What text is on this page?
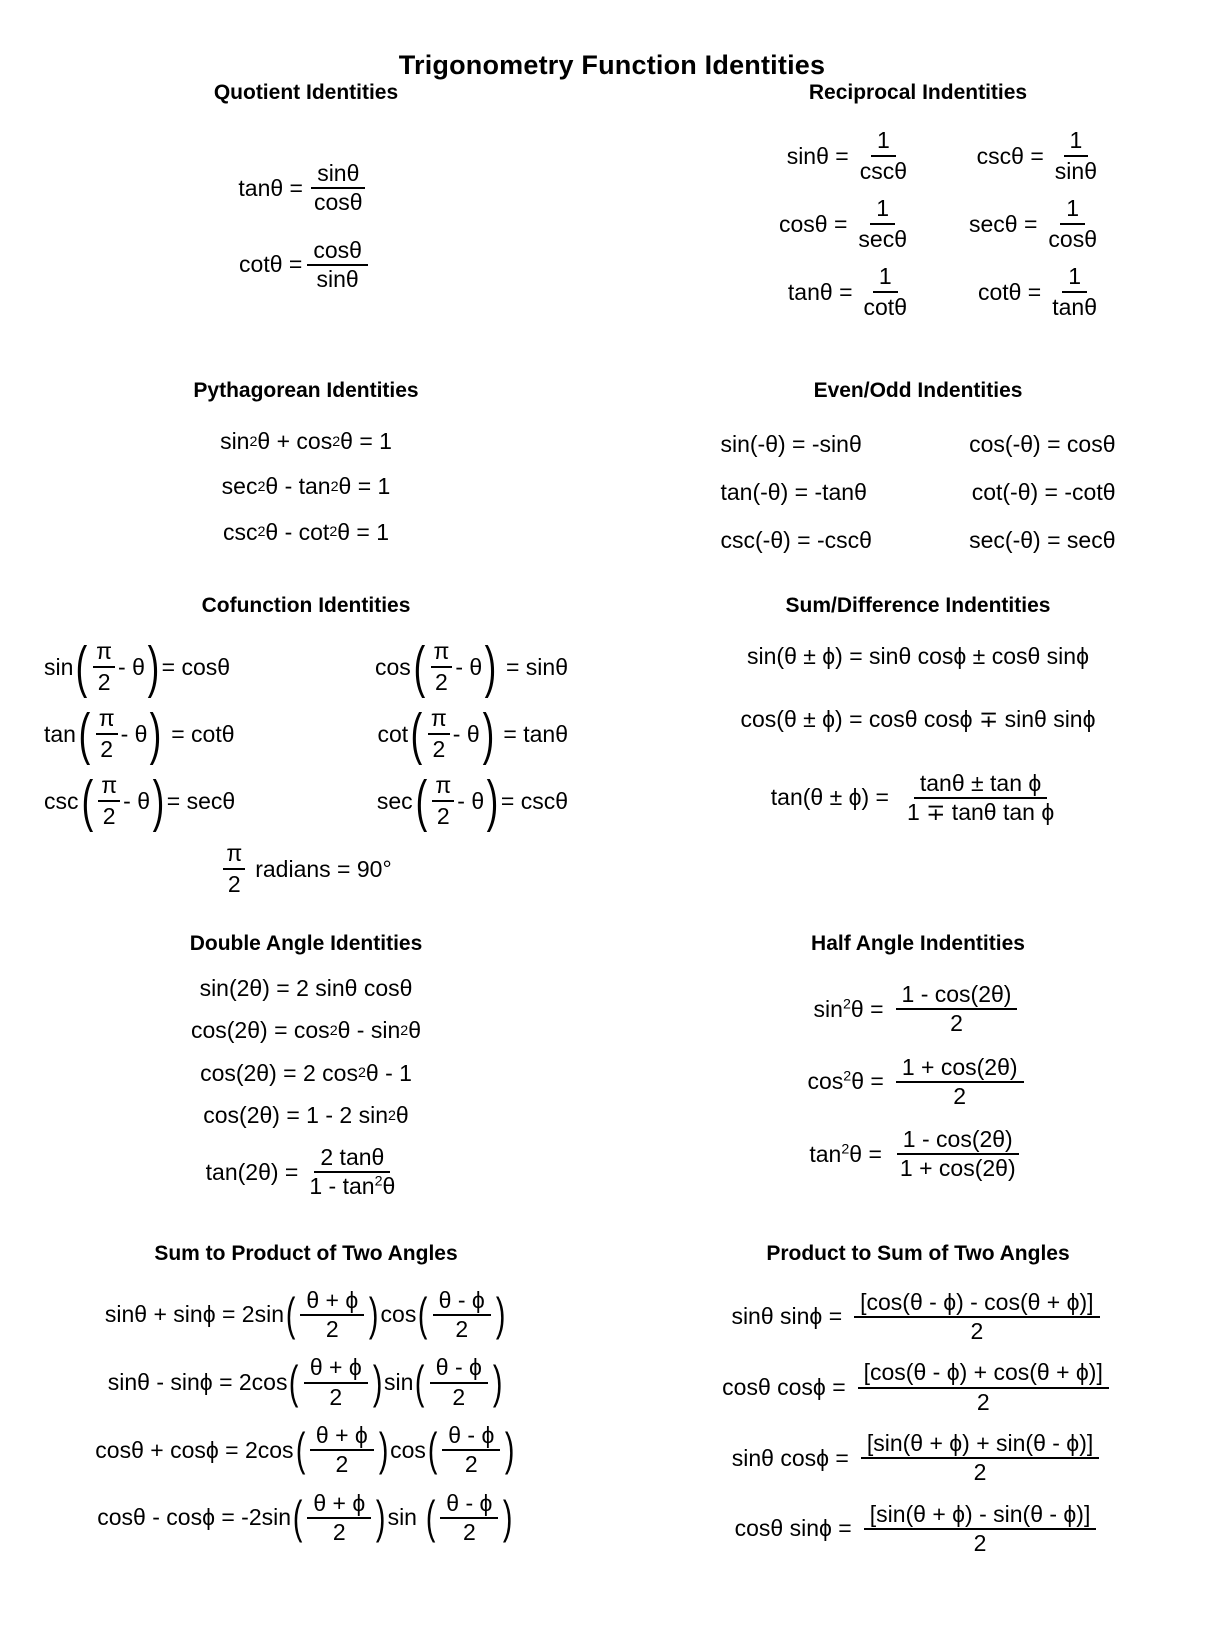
Trigonometry Function Identities
Quotient Identities
$\tan\theta = \frac{\sin\theta}{\cos\theta}$
$\cot\theta = \frac{\cos\theta}{\sin\theta}$
Reciprocal Indentities
$\sin\theta = \frac{1}{\csc\theta}$	$\csc\theta = \frac{1}{\sin\theta}$
$\cos\theta = \frac{1}{\sec\theta}$ $\sec\theta = \frac{1}{\cos\theta}$
$\tan\theta = \frac{1}{\cot\theta}$	$\cot\theta = \frac{1}{\tan\theta}$
Pythagorean Identities
sin 2 θ + cos 2 θ = 1
sec 2 θ - tan 2 θ = 1
csc 2 θ - cot 2 θ = 1
Even/Odd Indentities
sin(-θ) = -sinθ	cos(-θ) = cosθ
tan(-θ) = -tanθ	cot(-θ) = -cotθ
csc(-θ) = -cscθ	sec(-θ) = secθ
Cofunction Identities
sin ( $\frac{\pi}{2}$ - θ ) = cosθ	cos ( $\frac{\pi}{2}$ - θ ) = sinθ
tan ( $\frac{\pi}{2}$ - θ ) = cotθ	cot ( $\frac{\pi}{2}$ - θ ) = tanθ
csc ( $\frac{\pi}{2}$ - θ ) = secθ	sec ( $\frac{\pi}{2}$ - θ ) = cscθ
$\frac{\pi}{2}$ radians = 90°
Sum/Difference Indentities
sin(θ ± ϕ) = sinθ cosϕ ± cosθ sinϕ
cos(θ ± ϕ) = cosθ cosϕ ∓ sinθ sinϕ
$\tan(\theta \pm \phi) = \frac{\text{tanθ ± tan ϕ}}{\text{1 ∓ tanθ tan ϕ}}$
Double Angle Identities
sin(2θ) = 2 sinθ cosθ
cos(2θ) = cos 2 θ - sin 2 θ
cos(2θ) = 2 cos 2 θ - 1
cos(2θ) = 1 - 2 sin 2 θ
$\tan(2\theta) = \frac{2 \tan\theta}{1 - \tan^2\theta}$
Half Angle Indentities
$\sin^2\theta = \frac{1 - \cos(2\theta)}{2}$
$\cos^2\theta = \frac{1 + \cos(2\theta)}{2}$
$\tan^2\theta = \frac{1 - \cos(2\theta)}{1 + \cos(2\theta)}$
Sum to Product of Two Angles
sinθ + sinϕ = 2sin ( $\frac{\theta + \phi}{2}$ ) cos ( $\frac{\theta - \phi}{2}$ )
sinθ - sinϕ = 2cos ( $\frac{\theta + \phi}{2}$ ) sin ( $\frac{\theta - \phi}{2}$ )
cosθ + cosϕ = 2cos ( $\frac{\theta + \phi}{2}$ ) cos ( $\frac{\theta - \phi}{2}$ )
cosθ - cosϕ = -2sin ( $\frac{\theta + \phi}{2}$ ) sin ( $\frac{\theta - \phi}{2}$ )
Product to Sum of Two Angles
sinθ $\sin\phi = \frac{[\cos(\theta - \phi) - \cos(\theta + \phi)]}{2}$
cosθ $\cos\phi = \frac{[\cos(\theta - \phi) + \cos(\theta + \phi)]}{2}$
sinθ $\cos\phi = \frac{[\sin(\theta + \phi) + \sin(\theta - \phi)]}{2}$
cosθ $\sin\phi = \frac{[\sin(\theta + \phi) - \sin(\theta - \phi)]}{2}$
